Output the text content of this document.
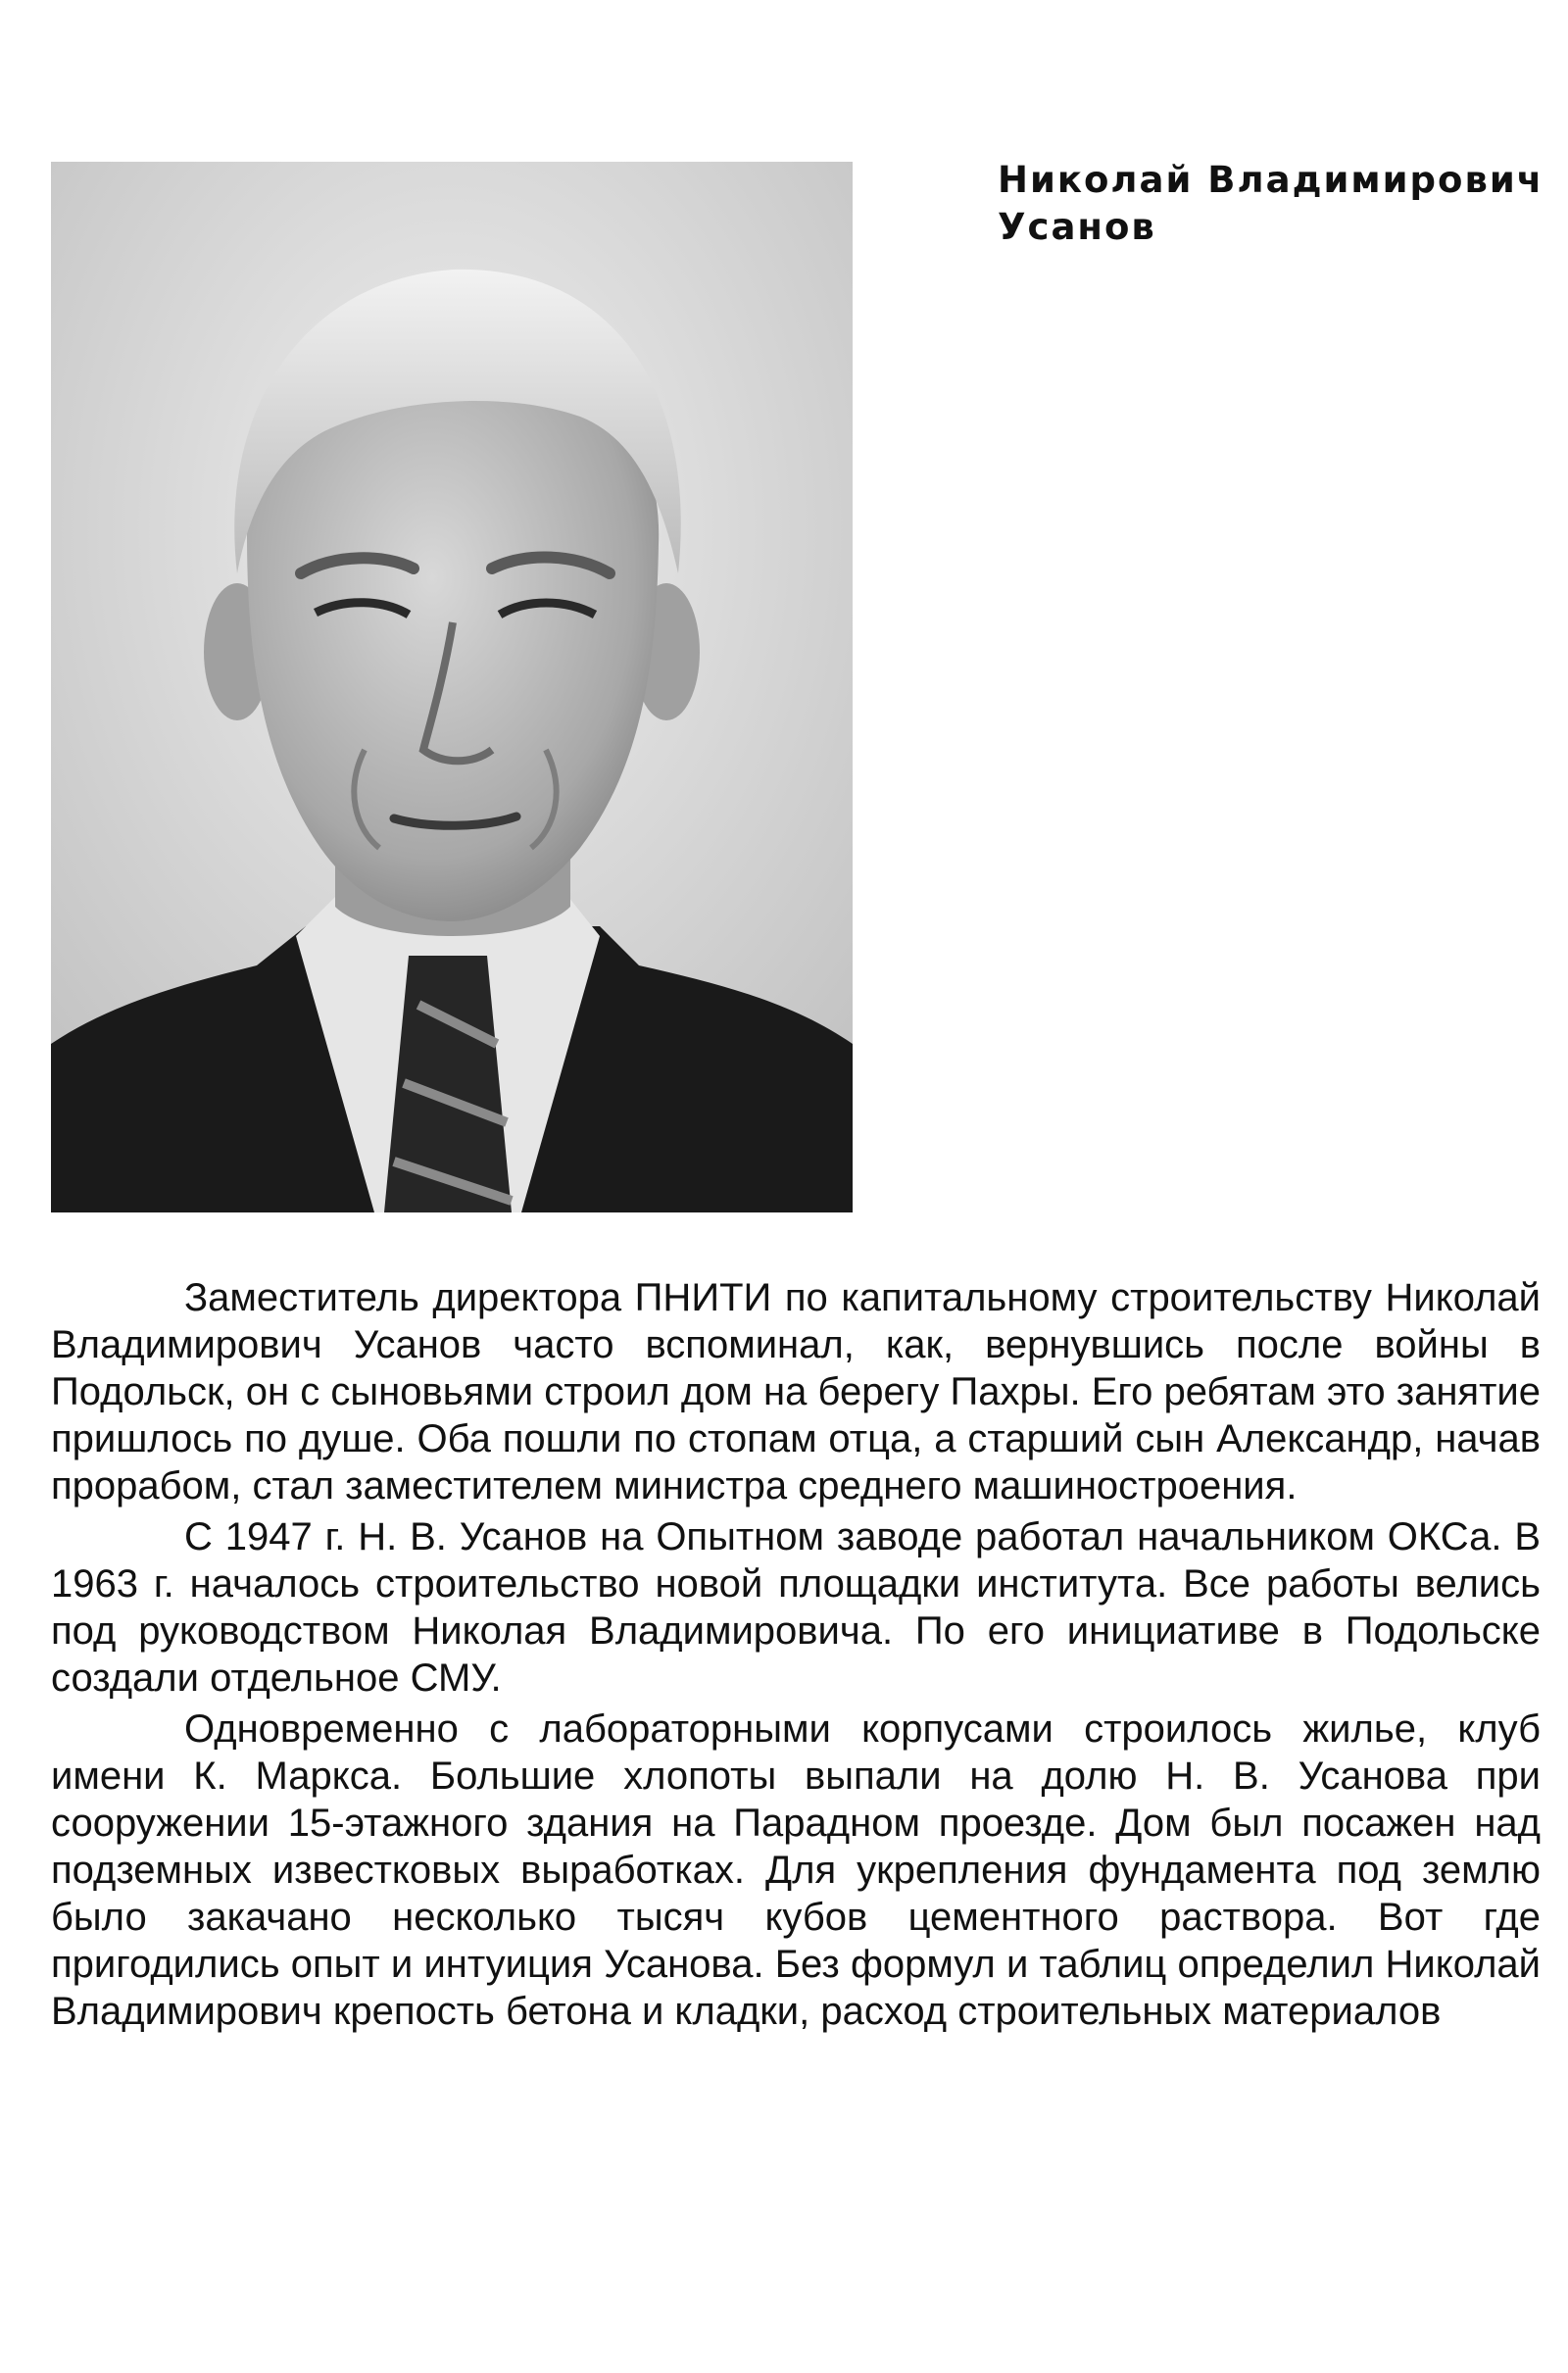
Николай Владимирович
Усанов

Заместитель директора ПНИТИ по капитальному строительству Николай Владимирович Усанов часто вспоминал, как, вернувшись после войны в Подольск, он с сыновьями строил дом на берегу Пахры. Его ребятам это занятие пришлось по душе. Оба пошли по стопам отца, а старший сын Александр, начав прорабом, стал заместителем министра среднего машиностроения.

С 1947 г. Н. В. Усанов на Опытном заводе работал начальником ОКСа. В 1963 г. началось строительство новой площадки института. Все работы велись под руководством Николая Владимировича. По его инициативе в Подольске создали отдельное СМУ.

Одновременно с лабораторными корпусами строилось жилье, клуб имени К. Маркса. Большие хлопоты выпали на долю Н. В. Усанова при сооружении 15-этажного здания на Парадном проезде. Дом был посажен над подземных известковых выработках. Для укрепления фундамента под землю было закачано несколько тысяч кубов цементного раствора. Вот где пригодились опыт и интуиция Усанова. Без формул и таблиц определил Николай Владимирович крепость бетона и кладки, расход строительных материалов
